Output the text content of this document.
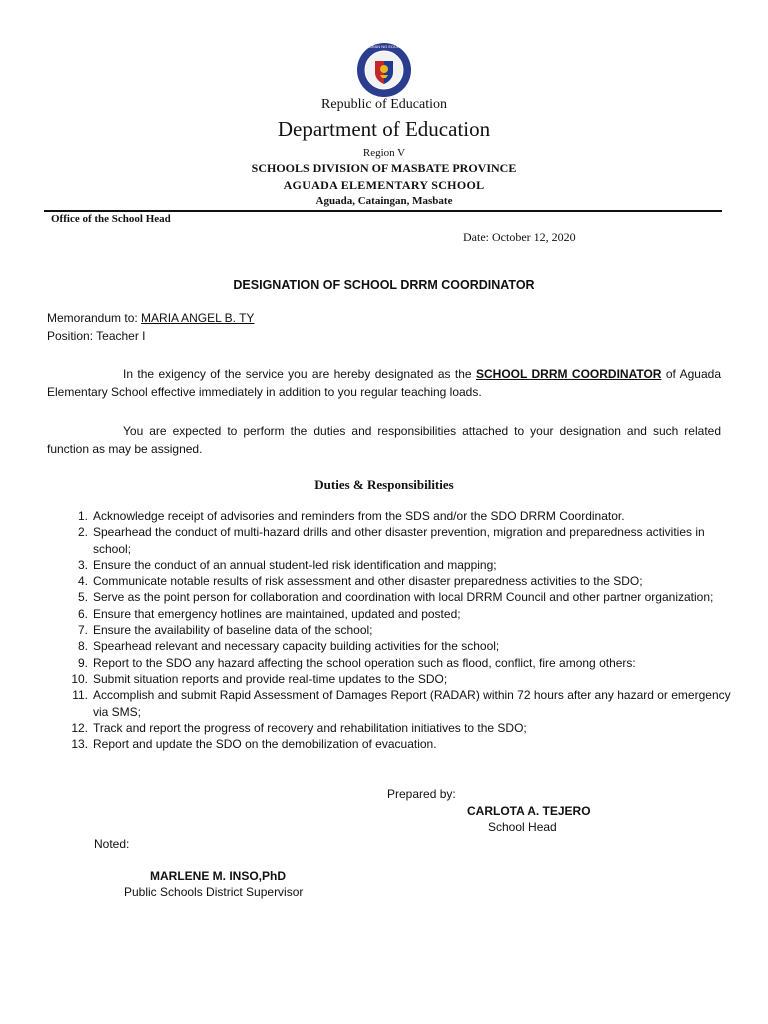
KAGAWARAN NG EDUKASYON
Republic of Education
Department of Education
Region V
SCHOOLS DIVISION OF MASBATE PROVINCE
AGUADA ELEMENTARY SCHOOL
Aguada, Cataingan, Masbate
Office of the School Head
Date: October 12, 2020
DESIGNATION OF SCHOOL DRRM COORDINATOR
Memorandum to: MARIA ANGEL B. TY
Position: Teacher I
In the exigency of the service you are hereby designated as the SCHOOL DRRM COORDINATOR of Aguada Elementary School effective immediately in addition to you regular teaching loads.
You are expected to perform the duties and responsibilities attached to your designation and such related function as may be assigned.
Duties & Responsibilities
1. Acknowledge receipt of advisories and reminders from the SDS and/or the SDO DRRM Coordinator.
2. Spearhead the conduct of multi-hazard drills and other disaster prevention, migration and preparedness activities in school;
3. Ensure the conduct of an annual student-led risk identification and mapping;
4. Communicate notable results of risk assessment and other disaster preparedness activities to the SDO;
5. Serve as the point person for collaboration and coordination with local DRRM Council and other partner organization;
6. Ensure that emergency hotlines are maintained, updated and posted;
7. Ensure the availability of baseline data of the school;
8. Spearhead relevant and necessary capacity building activities for the school;
9. Report to the SDO any hazard affecting the school operation such as flood, conflict, fire among others:
10. Submit situation reports and provide real-time updates to the SDO;
11. Accomplish and submit Rapid Assessment of Damages Report (RADAR) within 72 hours after any hazard or emergency via SMS;
12. Track and report the progress of recovery and rehabilitation initiatives to the SDO;
13. Report and update the SDO on the demobilization of evacuation.
Prepared by:
CARLOTA A. TEJERO
School Head
Noted:
MARLENE M. INSO,PhD
Public Schools District Supervisor
